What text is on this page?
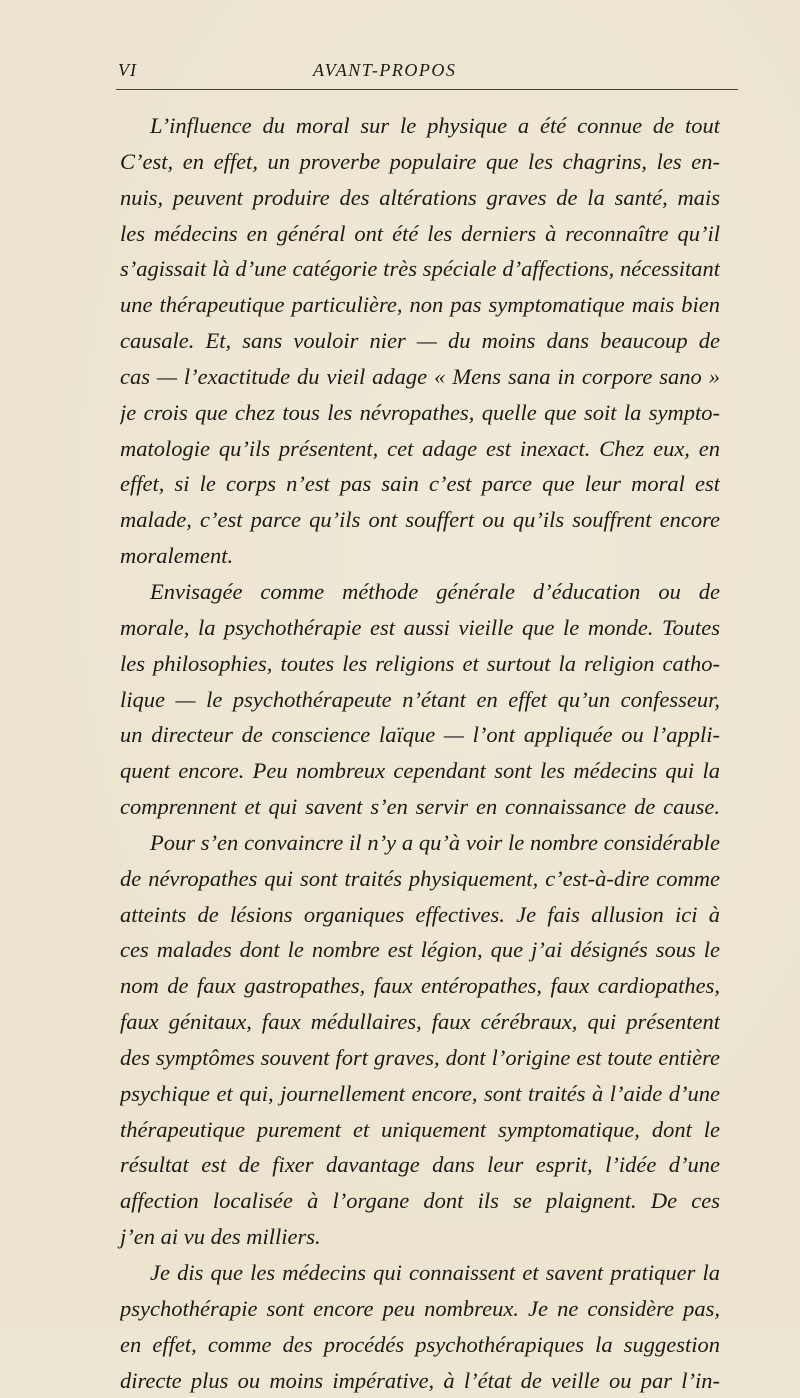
VI	AVANT-PROPOS
L’influence du moral sur le physique a été connue de tout
C’est, en effet, un proverbe populaire que les chagrins, les en-
nuis, peuvent produire des altérations graves de la santé, mais
les médecins en général ont été les derniers à reconnaître qu’il
s’agissait là d’une catégorie très spéciale d’affections, nécessitant
une thérapeutique particulière, non pas symptomatique mais bien
causale. Et, sans vouloir nier — du moins dans beaucoup de
cas — l’exactitude du vieil adage « Mens sana in corpore sano »
je crois que chez tous les névropathes, quelle que soit la sympto-
matologie qu’ils présentent, cet adage est inexact. Chez eux, en
effet, si le corps n’est pas sain c’est parce que leur moral est
malade, c’est parce qu’ils ont souffert ou qu’ils souffrent encore
moralement.
Envisagée comme méthode générale d’éducation ou de
morale, la psychothérapie est aussi vieille que le monde. Toutes
les philosophies, toutes les religions et surtout la religion catho-
lique — le psychothérapeute n’étant en effet qu’un confesseur,
un directeur de conscience laïque — l’ont appliquée ou l’appli-
quent encore. Peu nombreux cependant sont les médecins qui la
comprennent et qui savent s’en servir en connaissance de cause.
Pour s’en convaincre il n’y a qu’à voir le nombre considérable
de névropathes qui sont traités physiquement, c’est-à-dire comme
atteints de lésions organiques effectives. Je fais allusion ici à
ces malades dont le nombre est légion, que j’ai désignés sous le
nom de faux gastropathes, faux entéropathes, faux cardiopathes,
faux génitaux, faux médullaires, faux cérébraux, qui présentent
des symptômes souvent fort graves, dont l’origine est toute entière
psychique et qui, journellement encore, sont traités à l’aide d’une
thérapeutique purement et uniquement symptomatique, dont le
résultat est de fixer davantage dans leur esprit, l’idée d’une
affection localisée à l’organe dont ils se plaignent. De ces
j’en ai vu des milliers.
Je dis que les médecins qui connaissent et savent pratiquer la
psychothérapie sont encore peu nombreux. Je ne considère pas,
en effet, comme des procédés psychothérapiques la suggestion
directe plus ou moins impérative, à l’état de veille ou par l’in-
